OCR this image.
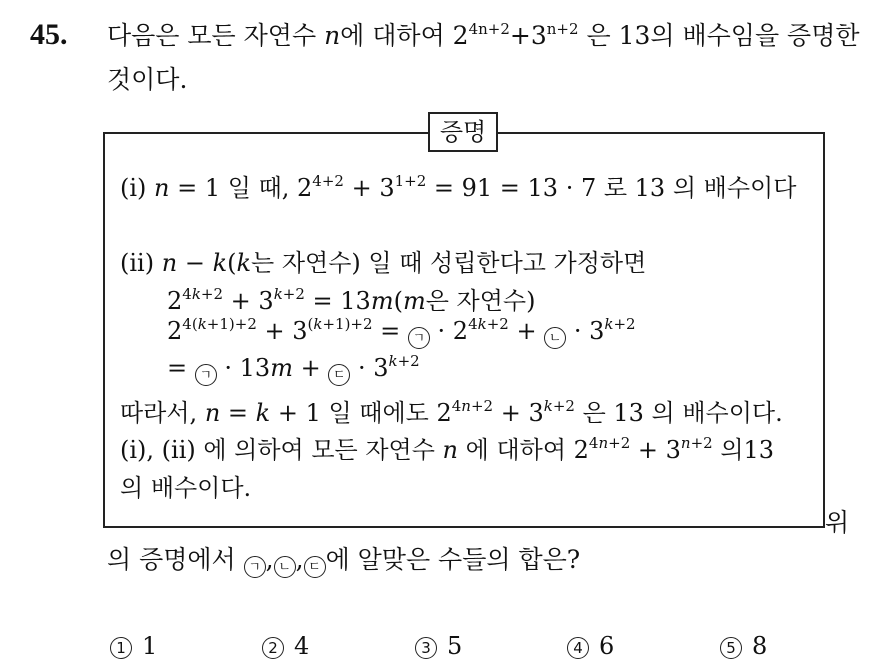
45. 다음은 모든 자연수 n에 대하여 $2^{4n+2}+3^{n+2}$ 은 13의 배수임을 증명한
것이다.
증명
(i) n = 1 일 때, $2^{4+2} + 3^{1+2} = 91 = 13 \cdot 7$ 로 13 의 배수이다
(ii) n − k(k는 자연수) 일 때 성립한다고 가정하면
$2^{4k+2} + 3^{k+2} = 13m(m$은 자연수)
$2^{4(k+1)+2} + 3^{(k+1)+2}$ = ㄱ · $2^{4k+2}$ + ㄴ · $3^{k+2}$
= ㄱ · 13m + ㄷ · $3^{k+2}$
따라서, n = k + 1 일 때에도 $2^{4n+2} + 3^{k+2}$ 은 13 의 배수이다.
(i), (ii) 에 의하여 모든 자연수 n 에 대하여 $2^{4n+2} + 3^{n+2}$ 의13
의 배수이다.
위
의 증명에서 ㄱ , ㄴ , ㄷ 에 알맞은 수들의 합은?
1 1	2 4	3 5	4 6	5 8
